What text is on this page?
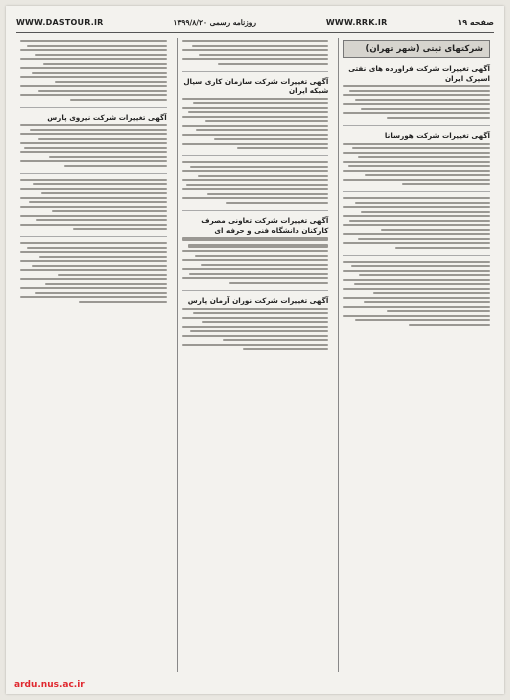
WWW.DASTOUR.IR	روزنامه رسمی ۱۳۹۹/۸/۲۰	WWW.RRK.IR	صفحه ۱۹
شرکتهای ثبتی (شهر تهران)
آگهی تغییرات شرکت فراورده های نفتی اسپرک ایران
آگهی تغییرات شرکت هورسانا
آگهی تغییرات شرکت سازمان کاری سیال شبکه ایران
آگهی تغییرات شرکت تعاونی مصرف کارکنان دانشگاه فنی و حرفه ای
آگهی تغییرات شرکت نوران آرمان پارس
آگهی تغییرات شرکت نیروی پارس
ardu.nus.ac.ir
